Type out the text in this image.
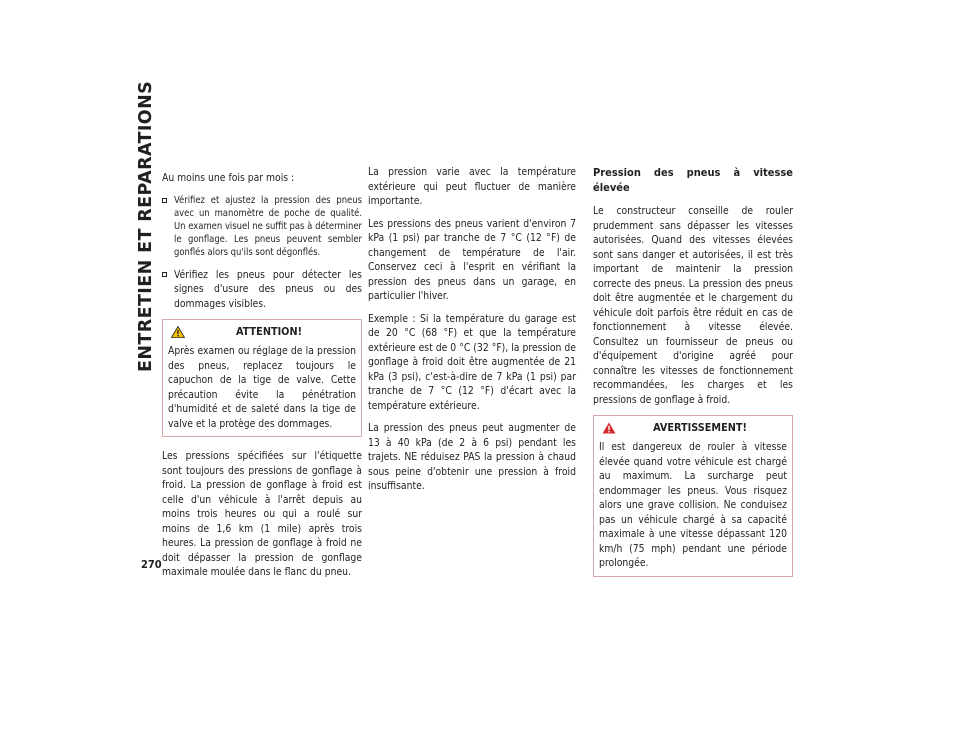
ENTRETIEN ET REPARATIONS
270

Au moins une fois par mois :

Vérifiez et ajustez la pression des pneus avec un manomètre de poche de qualité. Un examen visuel ne suffit pas à déterminer le gonflage. Les pneus peuvent sembler gonflés alors qu'ils sont dégonflés.
Vérifiez les pneus pour détecter les signes d'usure des pneus ou des dommages visibles.
ATTENTION!
Après examen ou réglage de la pression des pneus, replacez toujours le capuchon de la tige de valve. Cette précaution évite la pénétration d'humidité et de saleté dans la tige de valve et la protège des dommages.

Les pressions spécifiées sur l'étiquette sont toujours des pressions de gonflage à froid. La pression de gonflage à froid est celle d'un véhicule à l'arrêt depuis au moins trois heures ou qui a roulé sur moins de 1,6 km (1 mile) après trois heures. La pression de gonflage à froid ne doit dépasser la pression de gonflage maximale moulée dans le flanc du pneu.

La pression varie avec la température extérieure qui peut fluctuer de manière importante.

Les pressions des pneus varient d'environ 7 kPa (1 psi) par tranche de 7 °C (12 °F) de changement de température de l'air. Conservez ceci à l'esprit en vérifiant la pression des pneus dans un garage, en particulier l'hiver.

Exemple : Si la température du garage est de 20 °C (68 °F) et que la température extérieure est de 0 °C (32 °F), la pression de gonflage à froid doit être augmentée de 21 kPa (3 psi), c'est-à-dire de 7 kPa (1 psi) par tranche de 7 °C (12 °F) d'écart avec la température extérieure.

La pression des pneus peut augmenter de 13 à 40 kPa (de 2 à 6 psi) pendant les trajets. NE réduisez PAS la pression à chaud sous peine d'obtenir une pression à froid insuffisante.

Pression des pneus à vitesse élevée

Le constructeur conseille de rouler prudemment sans dépasser les vitesses autorisées. Quand des vitesses élevées sont sans danger et autorisées, il est très important de maintenir la pression correcte des pneus. La pression des pneus doit être augmentée et le chargement du véhicule doit parfois être réduit en cas de fonctionnement à vitesse élevée. Consultez un fournisseur de pneus ou d'équipement d'origine agréé pour connaître les vitesses de fonctionnement recommandées, les charges et les pressions de gonflage à froid.

AVERTISSEMENT!
Il est dangereux de rouler à vitesse élevée quand votre véhicule est chargé au maximum. La surcharge peut endommager les pneus. Vous risquez alors une grave collision. Ne conduisez pas un véhicule chargé à sa capacité maximale à une vitesse dépassant 120 km/h (75 mph) pendant une période prolongée.
